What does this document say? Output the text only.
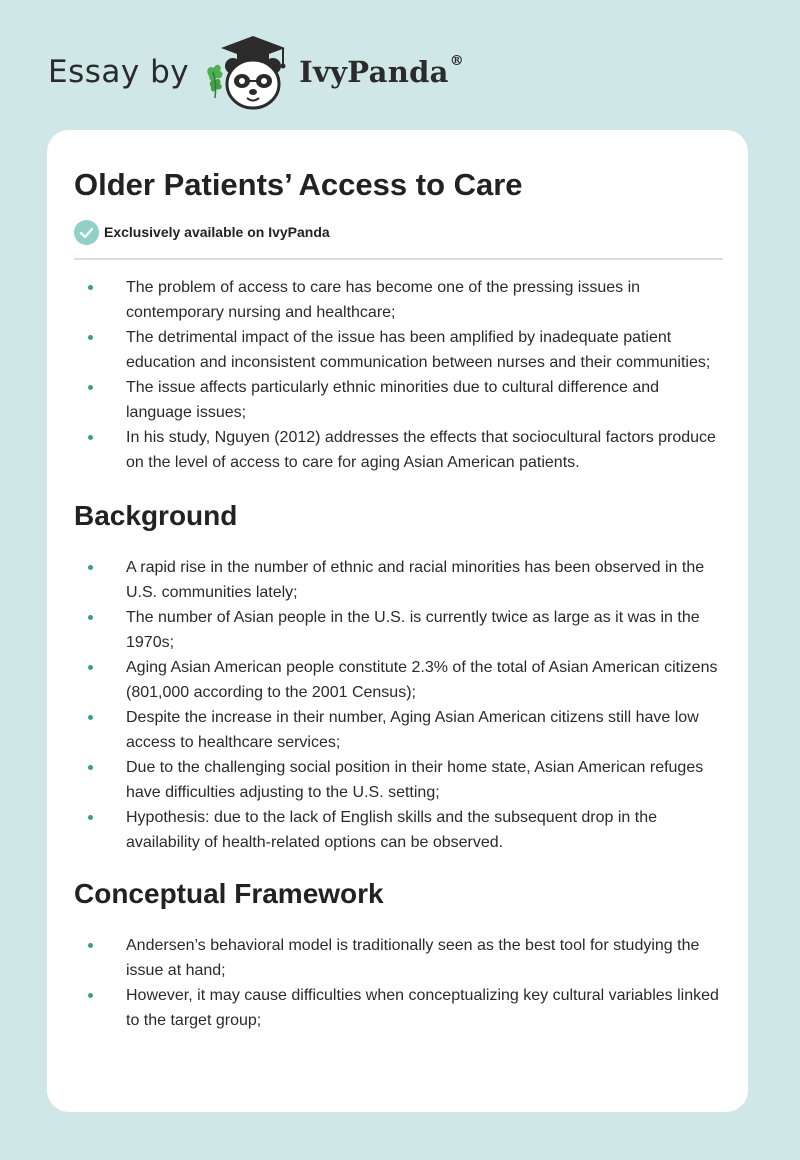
Essay by	IvyPanda®
Older Patients’ Access to Care
Exclusively available on IvyPanda
The problem of access to care has become one of the pressing issues in contemporary nursing and healthcare;
The detrimental impact of the issue has been amplified by inadequate patient education and inconsistent communication between nurses and their communities;
The issue affects particularly ethnic minorities due to cultural difference and language issues;
In his study, Nguyen (2012) addresses the effects that sociocultural factors produce on the level of access to care for aging Asian American patients.
Background
A rapid rise in the number of ethnic and racial minorities has been observed in the U.S. communities lately;
The number of Asian people in the U.S. is currently twice as large as it was in the 1970s;
Aging Asian American people constitute 2.3% of the total of Asian American citizens (801,000 according to the 2001 Census);
Despite the increase in their number, Aging Asian American citizens still have low access to healthcare services;
Due to the challenging social position in their home state, Asian American refuges have difficulties adjusting to the U.S. setting;
Hypothesis: due to the lack of English skills and the subsequent drop in the availability of health-related options can be observed.
Conceptual Framework
Andersen’s behavioral model is traditionally seen as the best tool for studying the issue at hand;
However, it may cause difficulties when conceptualizing key cultural variables linked to the target group;
